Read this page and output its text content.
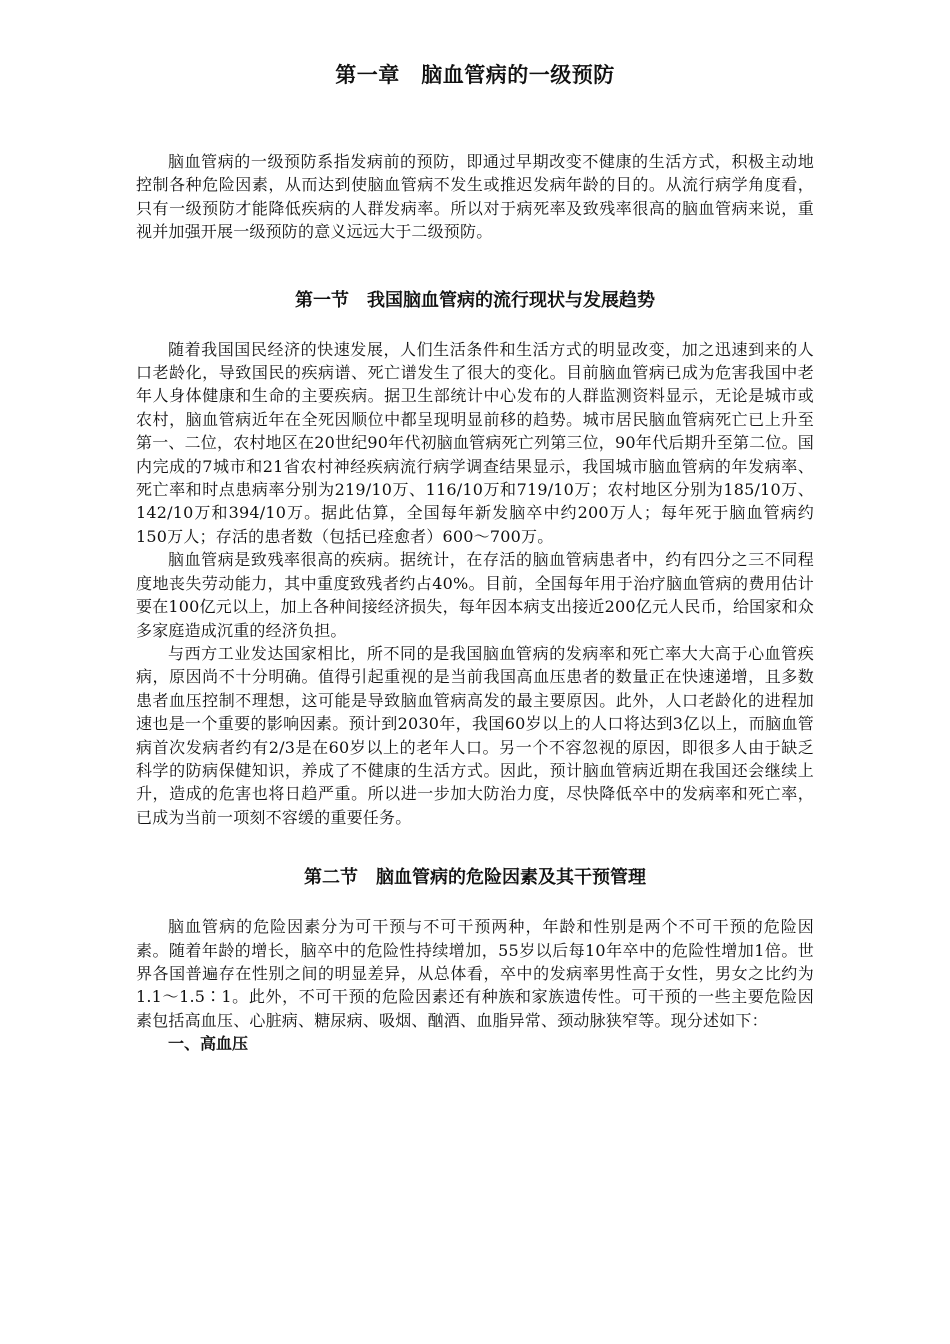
第一章　脑血管病的一级预防

脑血管病的一级预防系指发病前的预防，即通过早期改变不健康的生活方式，积极主动地控制各种危险因素，从而达到使脑血管病不发生或推迟发病年龄的目的。从流行病学角度看，只有一级预防才能降低疾病的人群发病率。所以对于病死率及致残率很高的脑血管病来说，重视并加强开展一级预防的意义远远大于二级预防。

第一节　我国脑血管病的流行现状与发展趋势

随着我国国民经济的快速发展，人们生活条件和生活方式的明显改变，加之迅速到来的人口老龄化，导致国民的疾病谱、死亡谱发生了很大的变化。目前脑血管病已成为危害我国中老年人身体健康和生命的主要疾病。据卫生部统计中心发布的人群监测资料显示，无论是城市或农村，脑血管病近年在全死因顺位中都呈现明显前移的趋势。城市居民脑血管病死亡已上升至第一、二位，农村地区在20世纪90年代初脑血管病死亡列第三位，90年代后期升至第二位。国内完成的7城市和21省农村神经疾病流行病学调查结果显示，我国城市脑血管病的年发病率、死亡率和时点患病率分别为219/10万、116/10万和719/10万；农村地区分别为185/10万、142/10万和394/10万。据此估算，全国每年新发脑卒中约200万人；每年死于脑血管病约150万人；存活的患者数（包括已痊愈者）600～700万。

脑血管病是致残率很高的疾病。据统计，在存活的脑血管病患者中，约有四分之三不同程度地丧失劳动能力，其中重度致残者约占40%。目前，全国每年用于治疗脑血管病的费用估计要在100亿元以上，加上各种间接经济损失，每年因本病支出接近200亿元人民币，给国家和众多家庭造成沉重的经济负担。

与西方工业发达国家相比，所不同的是我国脑血管病的发病率和死亡率大大高于心血管疾病，原因尚不十分明确。值得引起重视的是当前我国高血压患者的数量正在快速递增，且多数患者血压控制不理想，这可能是导致脑血管病高发的最主要原因。此外，人口老龄化的进程加速也是一个重要的影响因素。预计到2030年，我国60岁以上的人口将达到3亿以上，而脑血管病首次发病者约有2/3是在60岁以上的老年人口。另一个不容忽视的原因，即很多人由于缺乏科学的防病保健知识，养成了不健康的生活方式。因此，预计脑血管病近期在我国还会继续上升，造成的危害也将日趋严重。所以进一步加大防治力度，尽快降低卒中的发病率和死亡率，已成为当前一项刻不容缓的重要任务。

第二节　脑血管病的危险因素及其干预管理

脑血管病的危险因素分为可干预与不可干预两种，年龄和性别是两个不可干预的危险因素。随着年龄的增长，脑卒中的危险性持续增加，55岁以后每10年卒中的危险性增加1倍。世界各国普遍存在性别之间的明显差异，从总体看，卒中的发病率男性高于女性，男女之比约为1.1～1.5∶1。此外，不可干预的危险因素还有种族和家族遗传性。可干预的一些主要危险因素包括高血压、心脏病、糖尿病、吸烟、酗酒、血脂异常、颈动脉狭窄等。现分述如下：

一、高血压
